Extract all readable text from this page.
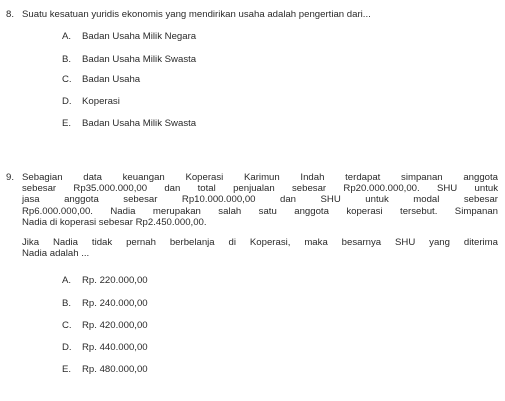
8. Suatu kesatuan yuridis ekonomis yang mendirikan usaha adalah pengertian dari...
A. Badan Usaha Milik Negara
B. Badan Usaha Milik Swasta
C. Badan Usaha
D. Koperasi
E. Badan Usaha Milik Swasta
9. Sebagian data keuangan Koperasi Karimun Indah terdapat simpanan anggota

sebesar Rp35.000.000,00 dan total penjualan sebesar Rp20.000.000,00. SHU untuk

jasa anggota sebesar Rp10.000.000,00 dan SHU untuk modal sebesar

Rp6.000.000,00. Nadia merupakan salah satu anggota koperasi tersebut. Simpanan

Nadia di koperasi sebesar Rp2.450.000,00.

Jika Nadia tidak pernah berbelanja di Koperasi, maka besarnya SHU yang diterima

Nadia adalah ...

A. Rp. 220.000,00
B. Rp. 240.000,00
C. Rp. 420.000,00
D. Rp. 440.000,00
E. Rp. 480.000,00
